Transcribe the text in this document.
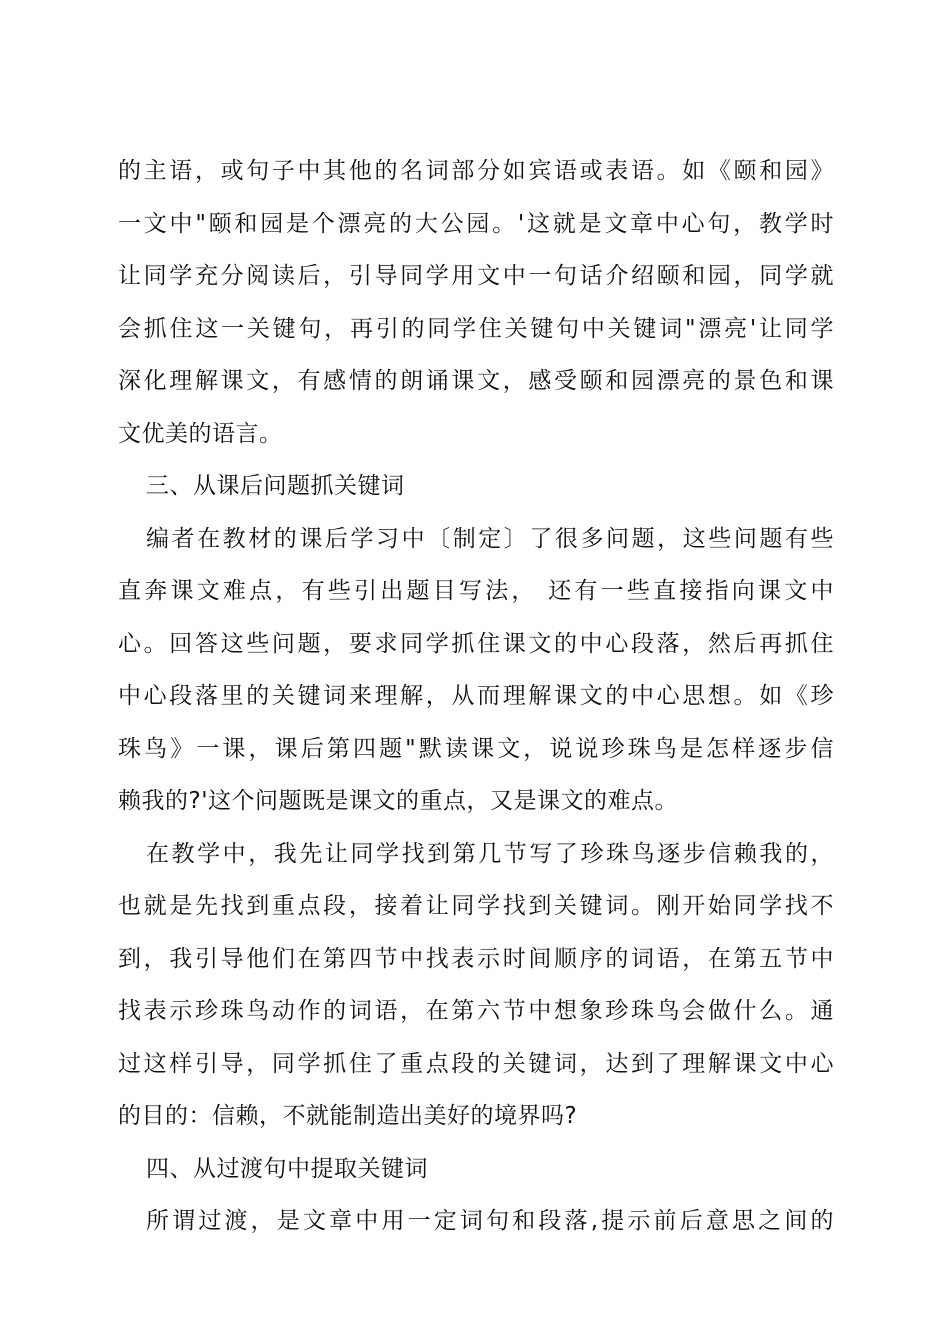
的主语，或句子中其他的名词部分如宾语或表语。如《颐和园》
一文中"颐和园是个漂亮的大公园。'这就是文章中心句，教学时
让同学充分阅读后，引导同学用文中一句话介绍颐和园，同学就
会抓住这一关键句，再引的同学住关键句中关键词"漂亮'让同学
深化理解课文，有感情的朗诵课文，感受颐和园漂亮的景色和课
文优美的语言。
三、从课后问题抓关键词
编者在教材的课后学习中〔制定〕了很多问题，这些问题有些
直奔课文难点，有些引出题目写法， 还有一些直接指向课文中
心。回答这些问题，要求同学抓住课文的中心段落，然后再抓住
中心段落里的关键词来理解，从而理解课文的中心思想。如《珍
珠鸟》一课，课后第四题"默读课文，说说珍珠鸟是怎样逐步信
赖我的?'这个问题既是课文的重点，又是课文的难点。
在教学中，我先让同学找到第几节写了珍珠鸟逐步信赖我的，
也就是先找到重点段，接着让同学找到关键词。刚开始同学找不
到，我引导他们在第四节中找表示时间顺序的词语，在第五节中
找表示珍珠鸟动作的词语，在第六节中想象珍珠鸟会做什么。通
过这样引导，同学抓住了重点段的关键词，达到了理解课文中心
的目的：信赖，不就能制造出美好的境界吗?
四、从过渡句中提取关键词
所谓过渡，是文章中用一定词句和段落,提示前后意思之间的
